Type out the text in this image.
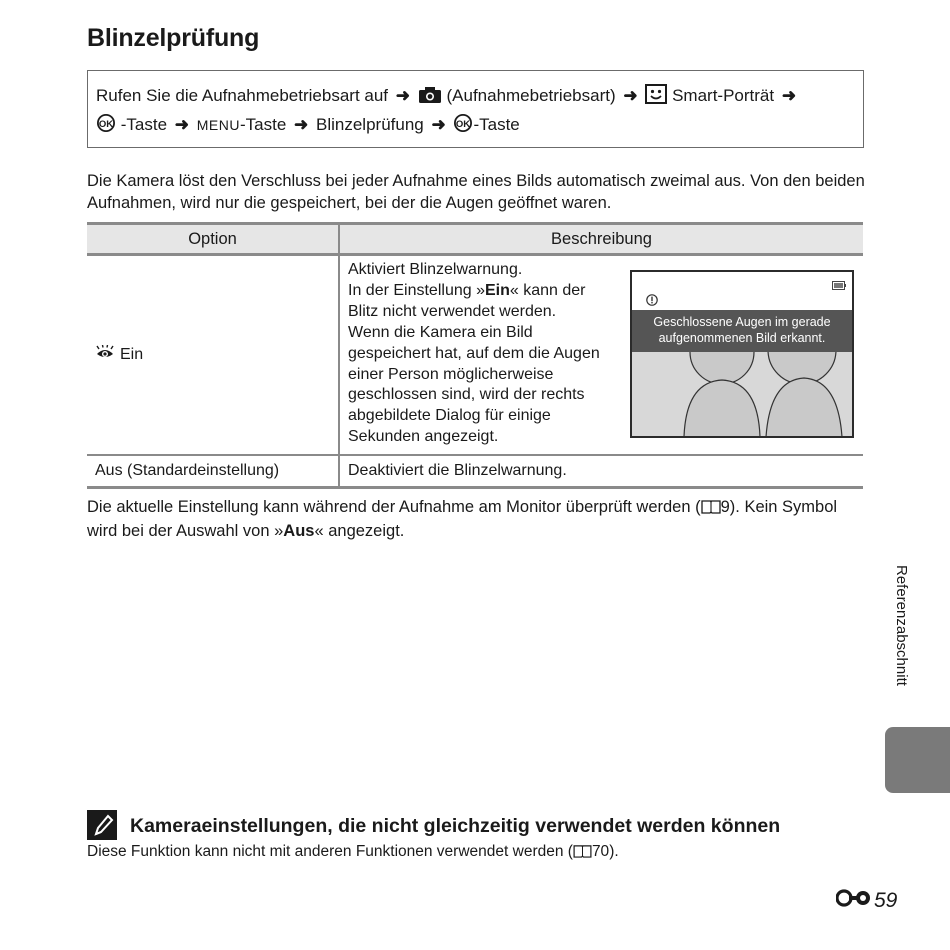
Blinzelprüfung
Rufen Sie die Aufnahmebetriebsart auf ➜ (Aufnahmebetriebsart) ➜ Smart-Porträt ➜

OK -Taste ➜ MENU-Taste ➜ Blinzelprüfung ➜ OK -Taste
Die Kamera löst den Verschluss bei jeder Aufnahme eines Bilds automatisch zweimal aus. Von den beiden Aufnahmen, wird nur die gespeichert, bei der die Augen geöffnet waren.
Option	Beschreibung
Ein
Aktiviert Blinzelwarnung.
In der Einstellung »Ein« kann der Blitz nicht verwendet werden.
Wenn die Kamera ein Bild gespeichert hat, auf dem die Augen einer Person möglicherweise geschlossen sind, wird der rechts abgebildete Dialog für einige Sekunden angezeigt.
Geschlossene Augen im gerade
aufgenommenen Bild erkannt.
Aus (Standardeinstellung)	Deaktiviert die Blinzelwarnung.
Die aktuelle Einstellung kann während der Aufnahme am Monitor überprüft werden ( 9). Kein Symbol wird bei der Auswahl von »Aus« angezeigt.
Referenzabschnitt
Kameraeinstellungen, die nicht gleichzeitig verwendet werden können
Diese Funktion kann nicht mit anderen Funktionen verwendet werden ( 70).
59
